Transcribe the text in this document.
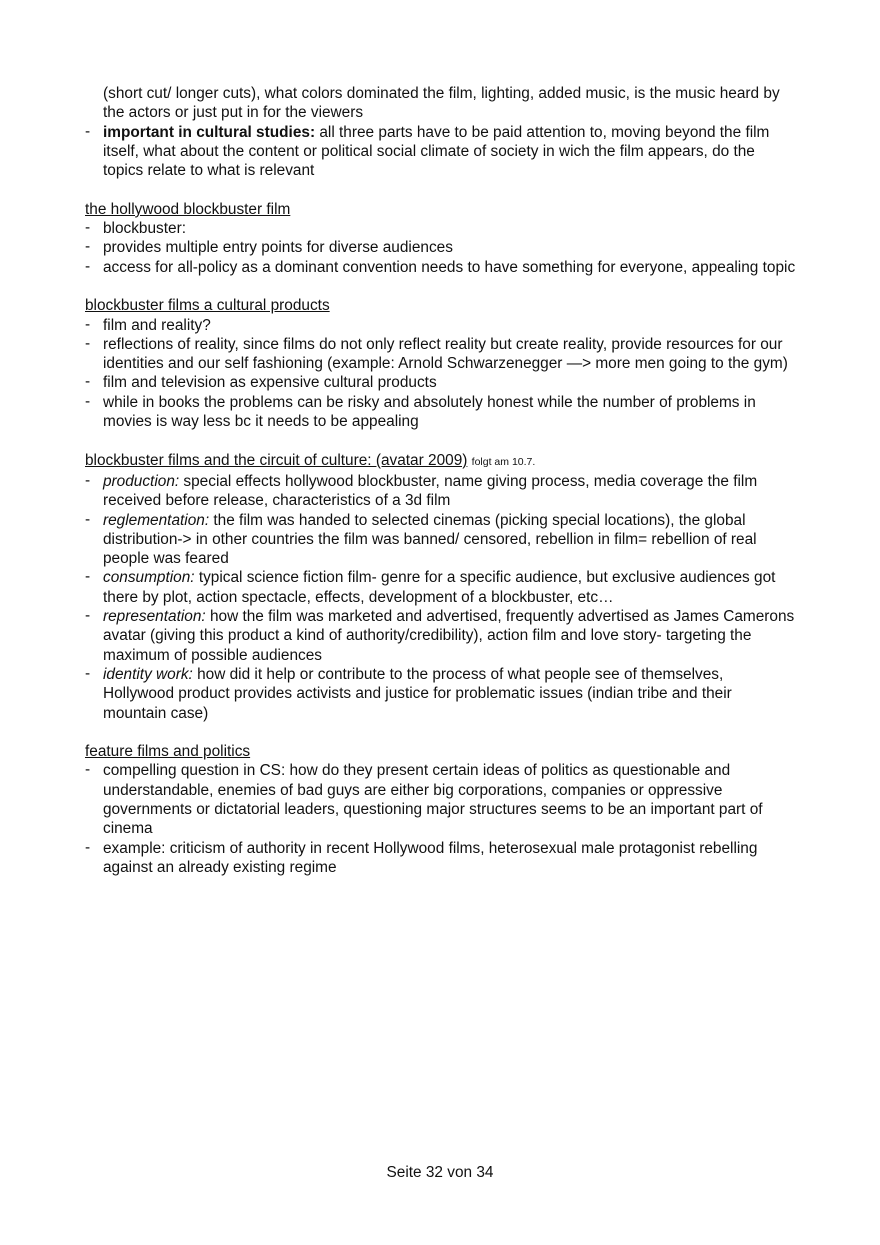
(short cut/ longer cuts), what colors dominated the film, lighting, added music, is the music heard by the actors or just put in for the viewers
- important in cultural studies: all three parts have to be paid attention to, moving beyond the film itself, what about the content or political social climate of society in wich the film appears, do the topics relate to what is relevant
the hollywood blockbuster film
- blockbuster:
- provides multiple entry points for diverse audiences
- access for all-policy as a dominant convention needs to have something for everyone, appealing topic
blockbuster films a cultural products
- film and reality?
- reflections of reality, since films do not only reflect reality but create reality, provide resources for our identities and our self fashioning (example: Arnold Schwarzenegger —> more men going to the gym)
- film and television as expensive cultural products
- while in books the problems can be risky and absolutely honest while the number of problems in movies is way less bc it needs to be appealing
blockbuster films and the circuit of culture: (avatar 2009) folgt am 10.7.
- production: special effects hollywood blockbuster, name giving process, media coverage the film received before release, characteristics of a 3d film
- reglementation: the film was handed to selected cinemas (picking special locations), the global distribution-> in other countries the film was banned/ censored, rebellion in film= rebellion of real people was feared
- consumption: typical science fiction film- genre for a specific audience, but exclusive audiences got there by plot, action spectacle, effects, development of a blockbuster, etc…
- representation: how the film was marketed and advertised, frequently advertised as James Camerons avatar (giving this product a kind of authority/credibility), action film and love story- targeting the maximum of possible audiences
- identity work: how did it help or contribute to the process of what people see of themselves, Hollywood product provides activists and justice for problematic issues (indian tribe and their mountain case)
feature films and politics
- compelling question in CS: how do they present certain ideas of politics as questionable and understandable, enemies of bad guys are either big corporations, companies or oppressive governments or dictatorial leaders, questioning major structures seems to be an important part of cinema
- example: criticism of authority in recent Hollywood films, heterosexual male protagonist rebelling against an already existing regime
Seite 32 von 34
